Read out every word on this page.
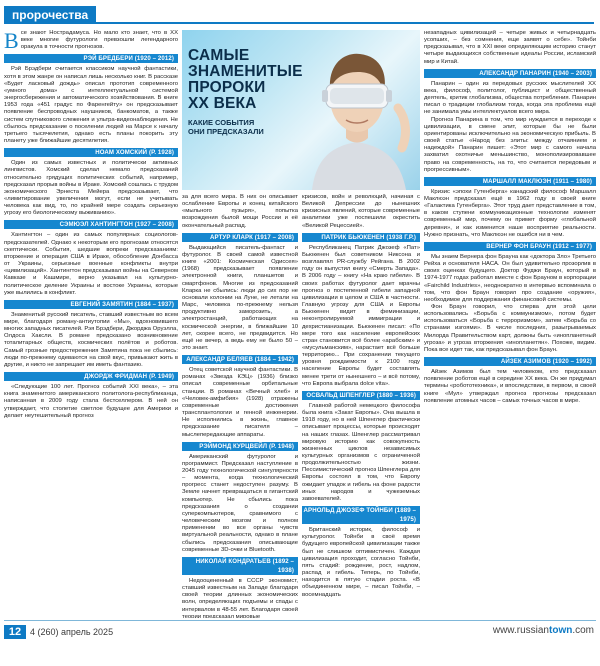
пророчества

Все знают Нострадамуса. Но мало кто знает, что в XX веке многие футурологи превзошли легендарного оракула в точности прогнозов.

РЭЙ БРЕДБЕРИ (1920 – 2012)

Рэй Брэдбери считается классиком научной фантастики, хотя в этом жанре он написал лишь несколько книг. В рассказе «Будет ласковый дождь» описал прототип современного «умного дома» с интеллектуальной системой энергосбережения и автоматического хозяйствования. В книге 1953 года «451 градус по Фаренгейту» он предсказывает появление беспроводных наушников, банкоматов, а также систем спутникового слежения и ультра-видеонаблюдения. Не сбылось предсказание о поселении людей на Марсе к началу третьего тысячелетия, однако есть планы покорить эту планету уже ближайшие десятилетия.

НОАМ ХОМСКИЙ (Р. 1928)

Один из самых известных и политически активных лингвистов. Хомский сделал немало предсказаний относительно грядущих политических событий, например, предсказал прорыв войны в Ираке. Хомский сошлась с трудом экономического Эрнеста Мейера предсказывает, что «лимитирование увеличения могут, если не учитывать человека как вид, то, по крайней мере создать серьезную угрозу его биологическому выживанию».

СЭМЮЭЛ ХАНТИНГТОН (1927 – 2008)

Хантингтон – один из самых популярных социологов-предсказателей. Однако к некоторым его прогнозам относятся скептически. События, шедшие вопреки предсказаниям: вторжение и операция США в Ираке, обособление Донбасса от Украины, серьезные военные конфликты внутри «цивилизаций». Хантингтон предсказывал войны на Северном Кавказе и Кашмире, верно указывал на культурно-политическое деление Украины и востоке Украины, которые уже вылились в конфликт.

ЕВГЕНИЙ ЗАМЯТИН (1884 – 1937)

Знаменитый русский писатель, ставший известным во всем мире, благодаря роману-антиутопии «Мы», вдохновившего многих западных писателей. Рэя Брэдбери, Джорджа Оруэлла, Олдоса Хаксли. В романе предсказано возникновение тоталитарных обществ, космических полётов и роботов. Самый грозные предостережения Замятина пока не сбылись: люди по-прежнему одеваются на свой вкус, привыкают жить в другие, и никто не запрещает им иметь фантазию.

ДЖОРДЖ ФРИДМАН (Р. 1949)

«Следующие 100 лет. Прогноз событий XXI века», – эта книга знаменитого американского политолога-республиканца, написанная в 2009 году стала бестселлером. В ней он утверждает, что столетие светлое будущее для Америки и делает неутешительный прогноз

САМЫЕ
ЗНАМЕНИТЫЕ
ПРОРОКИ
XX ВЕКА
КАКИЕ СОБЫТИЯ
ОНИ ПРЕДСКАЗАЛИ

за для всего мира. В них он описывает ослабление Европы и конец китайского «мыльного пузыря», попытка возрождения былой мощи России и её окончательный распад.

АРТУР КЛАРК (1917 – 2008)

Выдающийся писатель-фантаст и футуролог. В своей самой известной книге «2001: Космическая Одиссея» (1968) предсказывает появление электронной книги, планшетов и смартфонов. Многие из предсказаний Кларка не сбылись: люди до сих пор не основали колонии на Луне, не летали на Марс, человека по-прежнему нельзя продуктивно заморозить, а электростанций, работающих на космической энергии, в ближайшие 10 лет, скорее всего, не предвидится. Но ещё не вечер, а ведь ему не было 50 – это знает.

АЛЕКСАНДР БЕЛЯЕВ (1884 – 1942)

Отец советской научной фантастики. В романах «Звезда КЭЦ» (1936) близко описал современные орбитальные станции. В романах «Вечный хлеб» и «Человек-амфибия» (1928) отражены современные достижения трансплантологии и генной инженерии. Не исполнились в жизнь, главное предсказание писателя – мыслепередающие аппараты.

РЭЙМОНД КУРЦВЕЙЛ (Р. 1948)

Американский футуролог и программист. Предсказал наступление в 2045 году технологической сингулярности – момента, когда технологический прогресс станет недоступен разуму. В Земле начнет превращаться в гигантский компьютер. Не сбылись пока предсказания о создании суперкомпьютеров, сравнимого с человеческим мозгом и полном применении во все органы чувств виртуальной реальности, однако в плане сбылись предсказания описывающие современные 3D-очки и Bluetooth.

НИКОЛАЙ КОНДРАТЬЕВ (1892 – 1938)

Недооцененный в СССР экономист, ставший известным на Западе благодаря своей теории длинных экономических волн, определяющих подъемы и спады с интервалом в 48-55 лет. Благодаря своей теории предсказал мировые

кризисов, войн и революций, начиная с Великой Депрессии до нынешних кризисных явлений, которые современные аналитики уже поспешили окрестить «Великой Рецессией».

ПАТРИК БЬЮКЕНЕН (1938 Г.Р.)

Республиканец Патрик Джозеф «Пат» Бьюкенен был советником Никсона и возглавлял PR-службу Рейгана. В 2002 году он выпустил книгу «Смерть Запада». В 2006 году – книгу «На краю гибели». В своих работах футуролог дает мрачны прогноз о постепенной гибели западной цивилизации в целом и США в частности. Главную угрозу для США и Европы Бьюкенен видит в феминизации, неконтролируемой иммиграции и дехристианизации. Бьюкенен писал: «По мере того как население европейских стран становится всё более «арабским» и «мусульманским», нарастает всё больше территорию... При сохранении текущего уровня рождаемости к 2100 году население Европы будет составлять менее трети от нынешнего – и всё потому, что Европа выбрала dolce vita».

ОСВАЛЬД ШПЕНГЛЕР (1880 – 1936)

Главной работой немецкого философа была книга «Закат Европы». Она вышла в 1918 году, но в ней Шпенглер фактически описывает процессы, которые происходят на наших глазах. Шпенглер рассматривал мировую историю как совокупность жизненных циклов независимых культурных организмов с ограниченной продолжительностью жизни. Пессимистический прогноз Шпенглера для Европы состоял в том, что Европу ожидает упадок и гибель на фоне радости иных народов и чужеземных завоевателей.

АРНОЛЬД ДЖОЗЕФ ТОЙНБИ (1889 – 1975)

Британский историк, философ и культуролог. Тойнби в своё время будущего европейской цивилизации также был не слишком оптимистичен. Каждая цивилизация проходит, согласно Тойнби, пять стадий: рождение, рост, надлом, распад и гибель. Теперь, по Тойнби, находится в пятую стадии роста. «В объединенном мире, – писал Тойнби, – восемнадцать

незападных цивилизаций – четыре живых и четырнадцать усопших, – без сомнения, еще заявят о себе». Тойнби предсказывал, что в XXI веке определяющим историю станут четыре выдающихся собственные идеалы России, исламский мир и Китай.

АЛЕКСАНДР ПАНАРИН (1940 – 2003)

Панарин – один из передовых русских мыслителей XX века, философ, политолог, публицист и общественный деятель, критик глобализма, общества потребления. Панарин писал о традиции глобализм тогда, когда эта проблема ещё не занимала умы интеллектуалов всего мира.

Прогноз Панарина в том, что мир нуждается в переходе к цивилизации, в смене элит, которые бы не были ориентированы исключительно на экономическую прибыль. В своей статье «Народ без элиты: между отчаянием и надеждой» Панарин пишет: «Этот мир с самого начала захватил охотничье меньшинство, монополизировавшее право на современность, на то, что считается передовым и прогрессивным».

МАРШАЛЛ МАКЛЮЭН (1911 – 1980)

Кризис «эпохи Гутенберга» канадский философ Маршалл Маклюэн предсказал ещё в 1962 году в своей книге «Галактика Гутенберга». Этот труд дает представление в том, в каком ступени коммуникационные технологии изменят современный мир, почему он примет форму «глобальной деревни», и как изменится наше восприятие реальности. Нужно признать, что Маклюэн не ошибся ни в чем.

ВЕРНЕР ФОН БРАУН (1912 – 1977)

Мы знаем Вернера фон Брауна как «доктора Зло» Третьего Рейха и основателя НАСА. Он был удивительно прозорлив в своих оценках будущего. Доктор Фуджи Браун, который в 1974-1977 годах работал вместе с фон Брауном в корпорации «Fairchild Industries», неоднократно в интервью вспоминала о том, что фон Браун говорил про создание «оружия», необходимое для поддержания финансовой системы.

Фон Браун говорил, что сперва для этой цели использовались «Борьба с коммунизмом», потом будет использоваться «Борьба с терроризмом», затем «Борьба со странами изгоями». В числе последних, разыгрываемых Милорда Правительством карт, должны быть «инопланетный угроза» и угроза вторжения «инопланетян». Похоже, видим. Пока все идет так, как предсказывал фон Браун.

АЙЗЕК АЗИМОВ (1920 – 1992)

Айзек Азимов был тем человеком, кто предсказал появление роботов ещё в середине XX века. Он же придумал термины «робототехника», и впоследствии, в первом, в своей книге «Мул» утверждал прогноз прогнозы предсказал появление атомных часов – самых точных часов в мире.

12 4 (260) апрель 2025	www.russiantown.com
